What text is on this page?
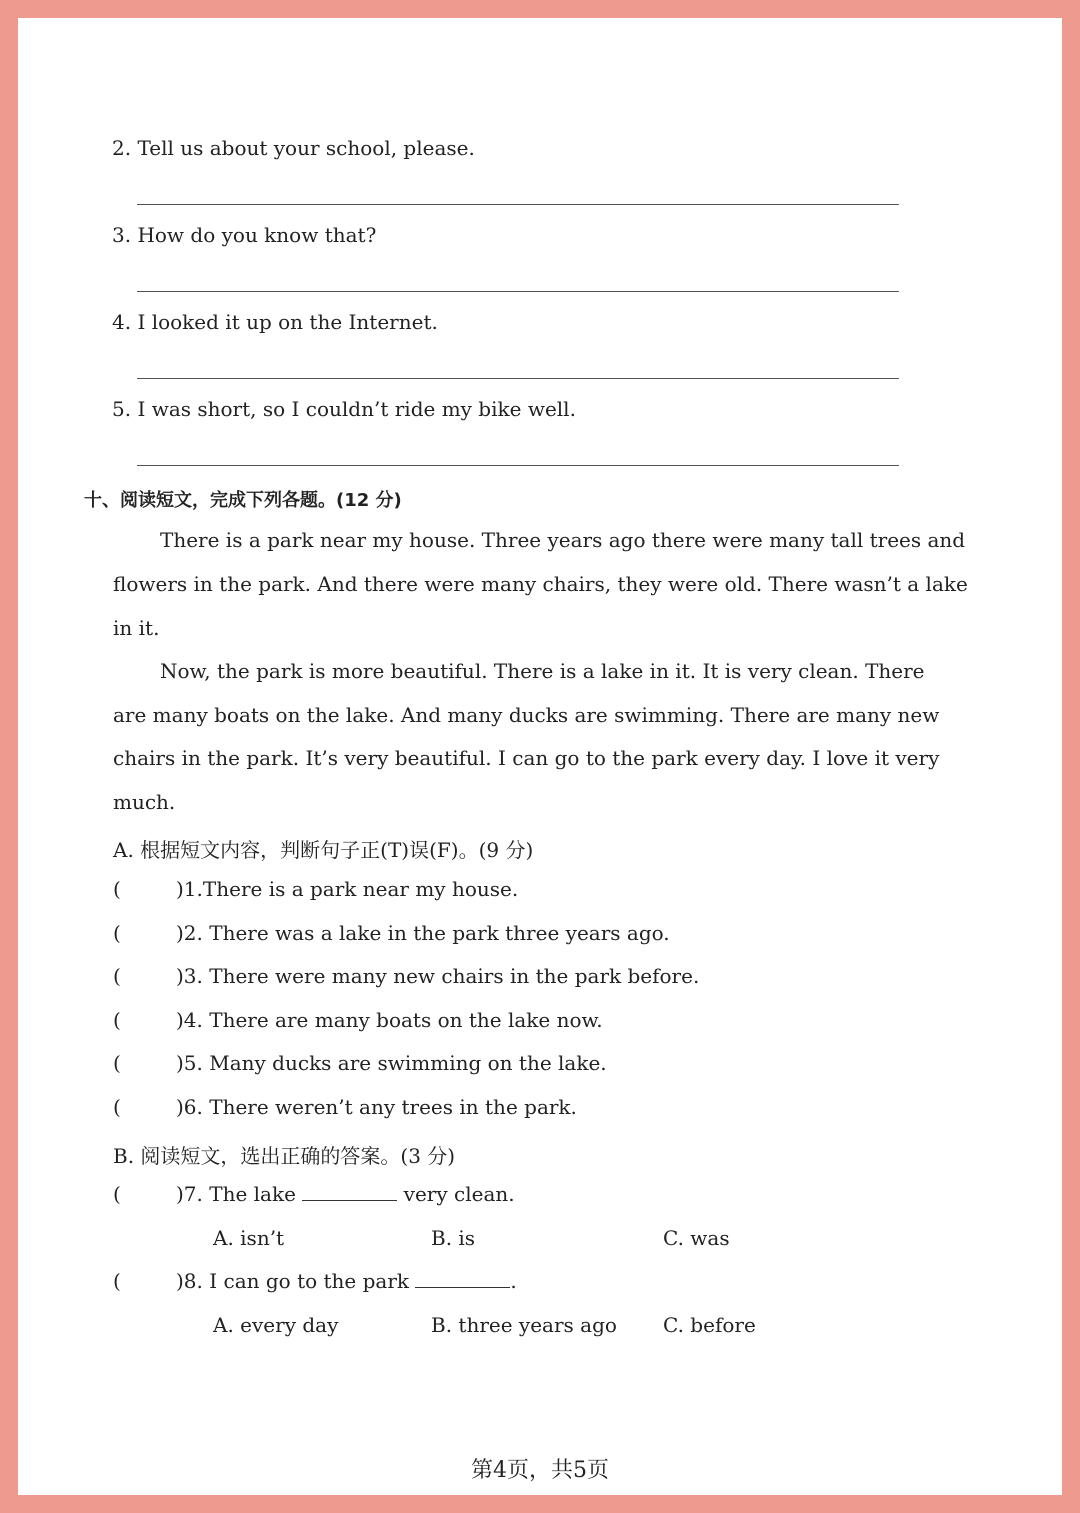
2. Tell us about your school, please.
3. How do you know that?
4. I looked it up on the Internet.
5. I was short, so I couldn’t ride my bike well.
十、阅读短文，完成下列各题。(12 分)
There is a park near my house. Three years ago there were many tall trees and
flowers in the park. And there were many chairs, they were old. There wasn’t a lake
in it.
Now, the park is more beautiful. There is a lake in it. It is very clean. There
are many boats on the lake. And many ducks are swimming. There are many new
chairs in the park. It’s very beautiful. I can go to the park every day. I love it very
much.
A. 根据短文内容，判断句子正(T)误(F)。(9 分)
(	)1.There is a park near my house.
(	)2. There was a lake in the park three years ago.
(	)3. There were many new chairs in the park before.
(	)4. There are many boats on the lake now.
(	)5. Many ducks are swimming on the lake.
(	)6. There weren’t any trees in the park.
B. 阅读短文，选出正确的答案。(3 分)
(	)7. The lake	very clean.
A. isn’t	B. is	C. was
(	)8. I can go to the park	.
A. every day	B. three years ago C. before
第4页，共5页
